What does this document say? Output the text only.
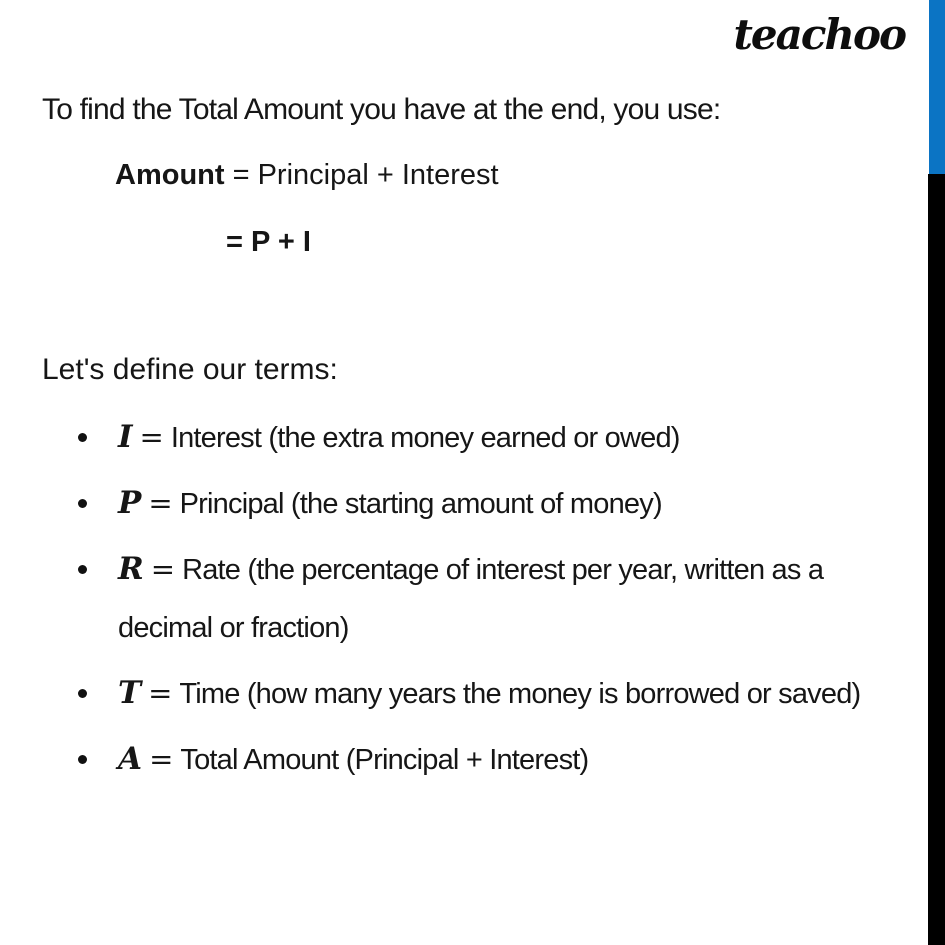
teachoo
To find the Total Amount you have at the end, you use:
Amount = Principal + Interest
= P + I
Let's define our terms:
I = Interest (the extra money earned or owed)
P = Principal (the starting amount of money)
R = Rate (the percentage of interest per year, written as a decimal or fraction)
T = Time (how many years the money is borrowed or saved)
A = Total Amount (Principal + Interest)
